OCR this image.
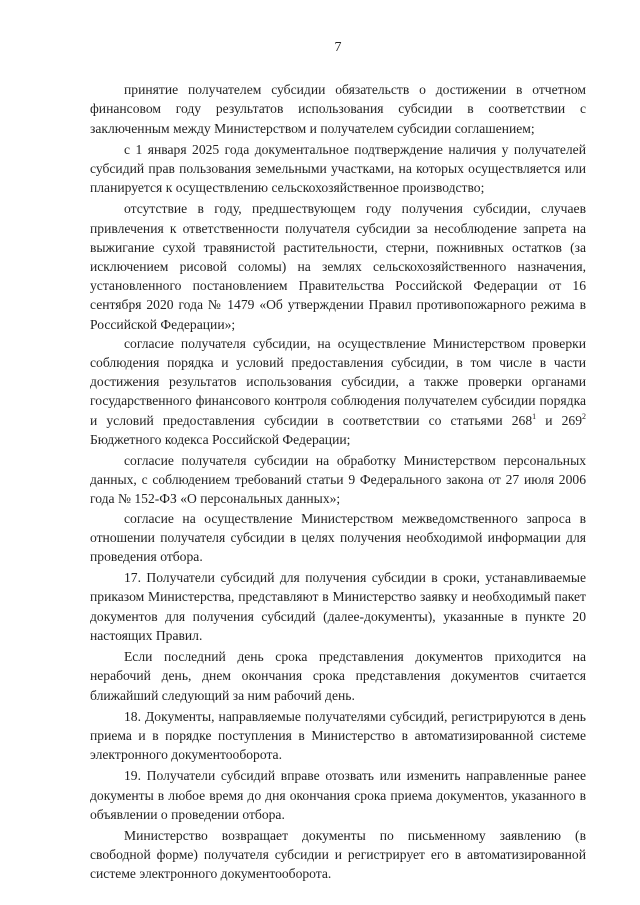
7

принятие получателем субсидии обязательств о достижении в отчетном финансовом году результатов использования субсидии в соответствии с заключенным между Министерством и получателем субсидии соглашением;

с 1 января 2025 года документальное подтверждение наличия у получателей субсидий прав пользования земельными участками, на которых осуществляется или планируется к осуществлению сельскохозяйственное производство;

отсутствие в году, предшествующем году получения субсидии, случаев привлечения к ответственности получателя субсидии за несоблюдение запрета на выжигание сухой травянистой растительности, стерни, пожнивных остатков (за исключением рисовой соломы) на землях сельскохозяйственного назначения, установленного постановлением Правительства Российской Федерации от 16 сентября 2020 года № 1479 «Об утверждении Правил противопожарного режима в Российской Федерации»;

согласие получателя субсидии, на осуществление Министерством проверки соблюдения порядка и условий предоставления субсидии, в том числе в части достижения результатов использования субсидии, а также проверки органами государственного финансового контроля соблюдения получателем субсидии порядка и условий предоставления субсидии в соответствии со статьями $268^1$ и $269^2$ Бюджетного кодекса Российской Федерации;

согласие получателя субсидии на обработку Министерством персональных данных, с соблюдением требований статьи 9 Федерального закона от 27 июля 2006 года № 152-ФЗ «О персональных данных»;

согласие на осуществление Министерством межведомственного запроса в отношении получателя субсидии в целях получения необходимой информации для проведения отбора.

17. Получатели субсидий для получения субсидии в сроки, устанавливаемые приказом Министерства, представляют в Министерство заявку и необходимый пакет документов для получения субсидий (далее-документы), указанные в пункте 20 настоящих Правил.

Если последний день срока представления документов приходится на нерабочий день, днем окончания срока представления документов считается ближайший следующий за ним рабочий день.

18. Документы, направляемые получателями субсидий, регистрируются в день приема и в порядке поступления в Министерство в автоматизированной системе электронного документооборота.

19. Получатели субсидий вправе отозвать или изменить направленные ранее документы в любое время до дня окончания срока приема документов, указанного в объявлении о проведении отбора.

Министерство возвращает документы по письменному заявлению (в свободной форме) получателя субсидии и регистрирует его в автоматизированной системе электронного документооборота.
